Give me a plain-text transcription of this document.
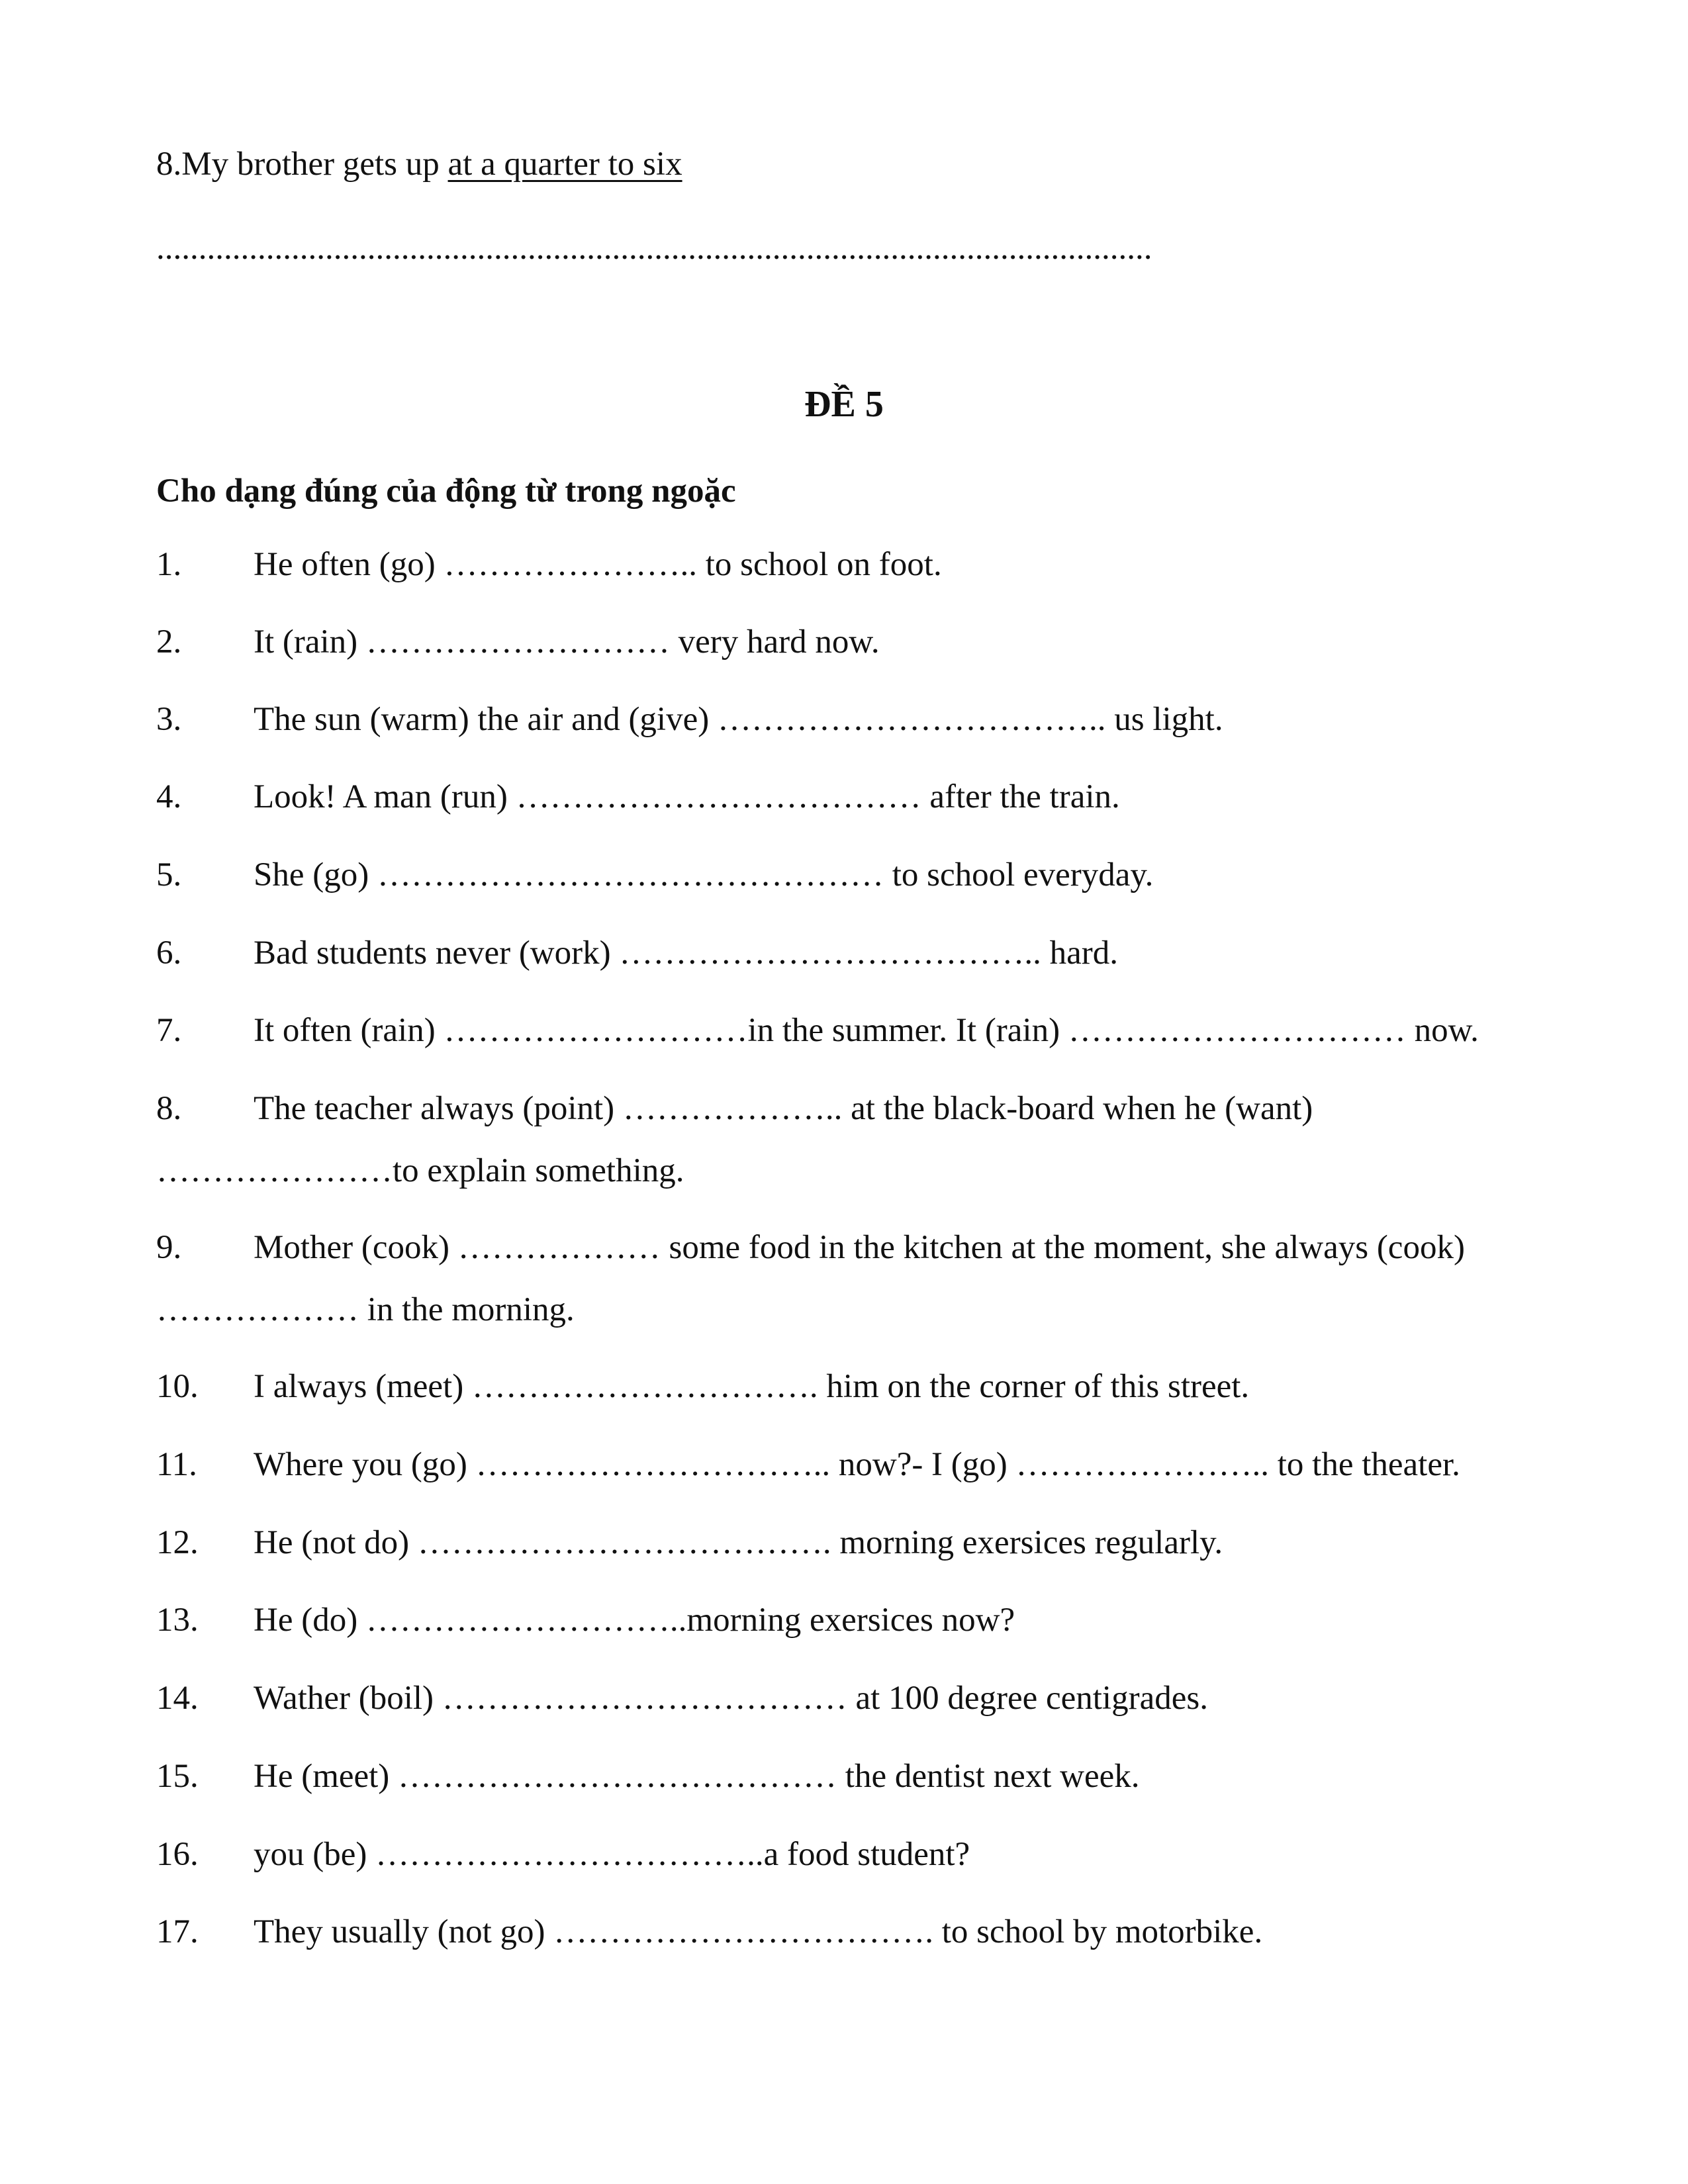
8.My brother gets up at a quarter to six
......................................................................................................................
ĐỀ 5
Cho dạng đúng của động từ trong ngoặc
1.	He often (go) ………………….. to school on foot.
2.	It (rain) ……………………… very hard now.
3.	The sun (warm) the air and (give) …………………………….. us light.
4.	Look! A man (run) ……………………………… after the train.
5.	She (go) ……………………………………… to school everyday.
6.	Bad students never (work) ……………………………….. hard.
7.	It often (rain) ………………………in the summer. It (rain) ………………………… now.
8.	The teacher always (point) ……………….. at the black-board when he (want)
…………………to explain something.
9.	Mother (cook) ……………… some food in the kitchen at the moment, she always (cook)
……………… in the morning.
10.	I always (meet) …………………………. him on the corner of this street.
11.	Where you (go) ………………………….. now?- I (go) ………………….. to the theater.
12.	He (not do) ………………………………. morning exersices regularly.
13.	He (do) ………………………..morning exersices now?
14.	Wather (boil) ……………………………… at 100 degree centigrades.
15.	He (meet) ………………………………… the dentist next week.
16.	you (be) ……………………………..a food student?
17.	They usually (not go) ……………………………. to school by motorbike.
